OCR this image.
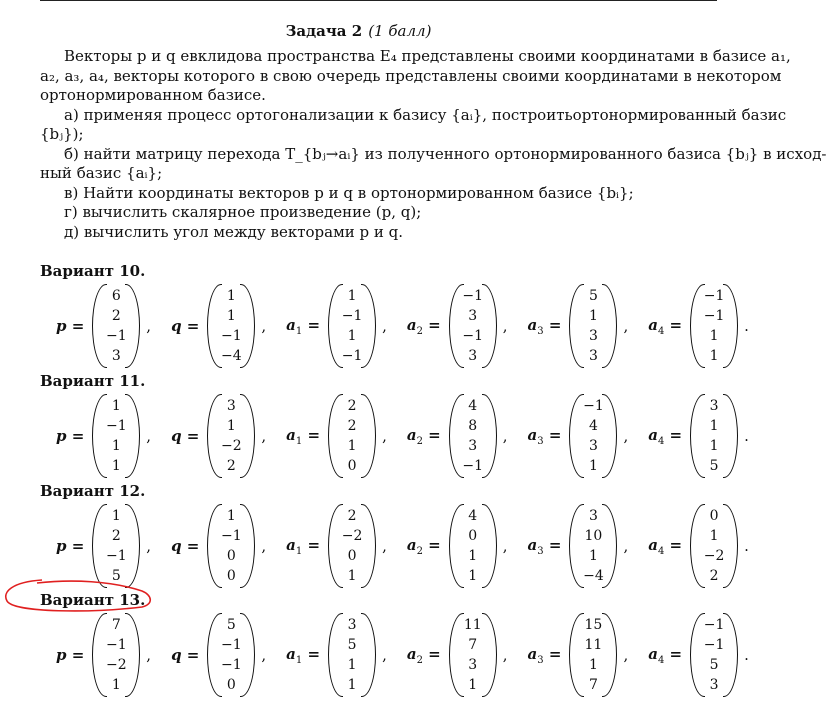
Задача 2 (1 балл)

Векторы p и q евклидова пространства E₄ представлены своими координатами в базисе a₁,

a₂, a₃, a₄, векторы которого в свою очередь представлены своими координатами в некотором

ортонормированном базисе.

а) применяя процесс ортогонализации к базису {aᵢ}, построитьортонормированный базис

{bⱼ});

б) найти матрицу перехода T_{bⱼ→aᵢ} из полученного ортонормированного базиса {bⱼ} в исход-

ный базис {aᵢ};

в) Найти координаты векторов p и q в ортонормированном базисе {bᵢ};

г) вычислить скалярное произведение (p, q);

д) вычислить угол между векторами p и q.

Вариант 10.
p =
6
2
−1
3
, q =
1
1
−1
−4
, $a_1$ =
1
−1
1
−1
, $a_2$ =
−1
3
−1
3
, $a_3$ =
5
1
3
3
, $a_4$ =
−1
−1
1
1
.
Вариант 11.
p =
1
−1
1
1
, q =
3
1
−2
2
, $a_1$ =
2
2
1
0
, $a_2$ =
4
8
3
−1
, $a_3$ =
−1
4
3
1
, $a_4$ =
3
1
1
5
.
Вариант 12.
p =
1
2
−1
5
, q =
1
−1
0
0
, $a_1$ =
2
−2
0
1
, $a_2$ =
4
0
1
1
, $a_3$ =
3
10
1
−4
, $a_4$ =
0
1
−2
2
.
Вариант 13.
p =
7
−1
−2
1
, q =
5
−1
−1
0
, $a_1$ =
3
5
1
1
, $a_2$ =
11
7
3
1
, $a_3$ =
15
11
1
7
, $a_4$ =
−1
−1
5
3
.
